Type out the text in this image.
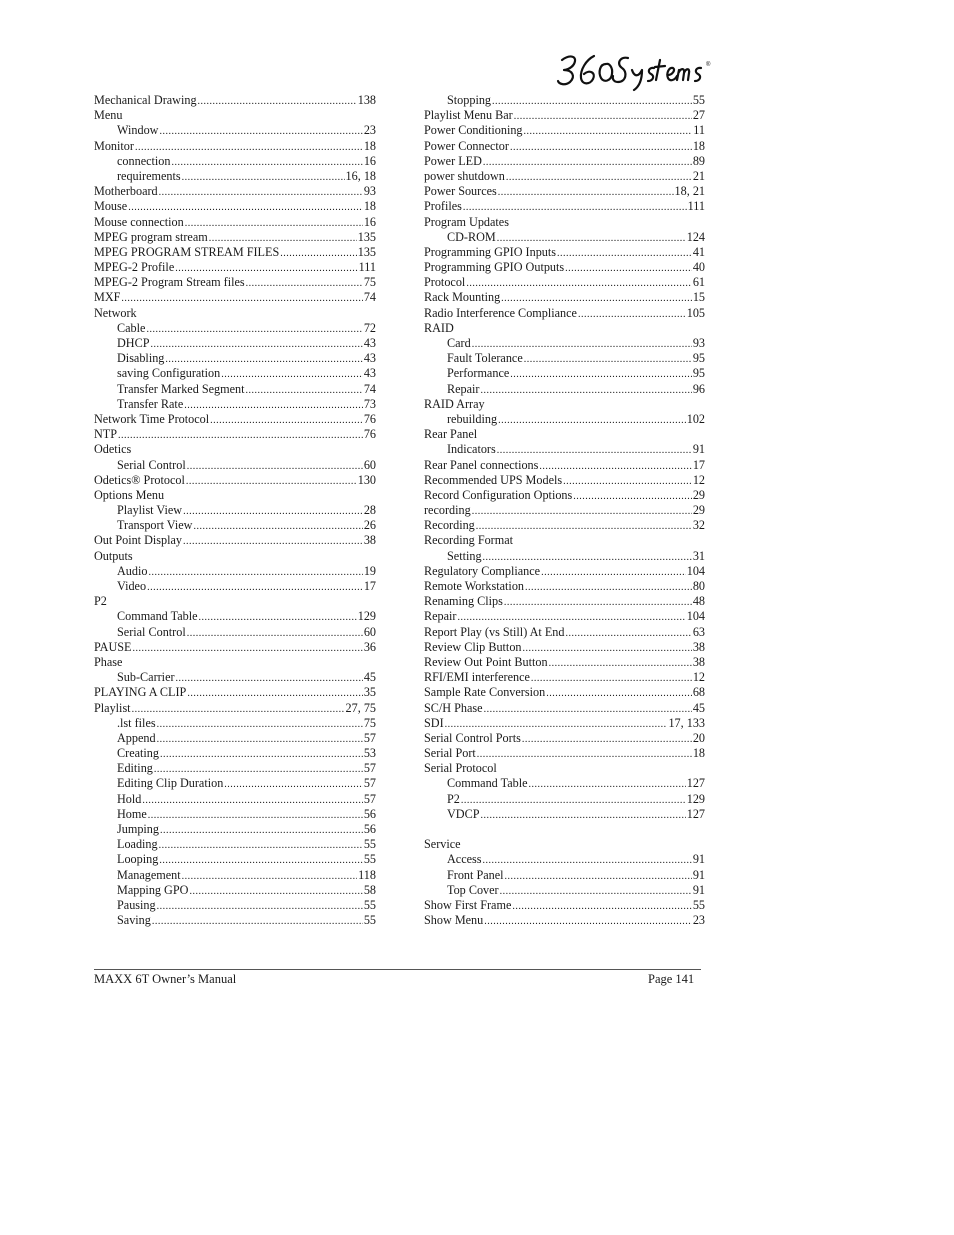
®
Mechanical Drawing .....	138
Menu
Window .....	23
Monitor .....	18
connection .....	16
requirements .....	16, 18
Motherboard .....	93
Mouse .....	18
Mouse connection .....	16
MPEG program stream .....	135
MPEG PROGRAM STREAM FILES .....	135
MPEG-2 Profile .....	111
MPEG-2 Program Stream files .....	75
MXF .....	74
Network
Cable .....	72
DHCP .....	43
Disabling .....	43
saving Configuration .....	43
Transfer Marked Segment .....	74
Transfer Rate .....	73
Network Time Protocol .....	76
NTP .....	76
Odetics
Serial Control .....	60
Odetics® Protocol .....	130
Options Menu
Playlist View .....	28
Transport View .....	26
Out Point Display .....	38
Outputs
Audio .....	19
Video .....	17
P2
Command Table .....	129
Serial Control .....	60
PAUSE .....	36
Phase
Sub-Carrier .....	45
PLAYING A CLIP .....	35
Playlist .....	27, 75
.lst files .....	75
Append .....	57
Creating .....	53
Editing .....	57
Editing Clip Duration .....	57
Hold .....	57
Home .....	56
Jumping .....	56
Loading .....	55
Looping .....	55
Management .....	118
Mapping GPO .....	58
Pausing .....	55
Saving .....	55
Stopping .....	55
Playlist Menu Bar .....	27
Power Conditioning .....	11
Power Connector .....	18
Power LED .....	89
power shutdown .....	21
Power Sources .....	18, 21
Profiles .....	111
Program Updates
CD-ROM .....	124
Programming GPIO Inputs .....	41
Programming GPIO Outputs .....	40
Protocol .....	61
Rack Mounting .....	15
Radio Interference Compliance .....	105
RAID
Card .....	93
Fault Tolerance .....	95
Performance .....	95
Repair .....	96
RAID Array
rebuilding .....	102
Rear Panel
Indicators .....	91
Rear Panel connections .....	17
Recommended UPS Models .....	12
Record Configuration Options .....	29
recording .....	29
Recording .....	32
Recording Format
Setting .....	31
Regulatory Compliance .....	104
Remote Workstation .....	80
Renaming Clips .....	48
Repair .....	104
Report Play (vs Still) At End .....	63
Review Clip Button .....	38
Review Out Point Button .....	38
RFI/EMI interference .....	12
Sample Rate Conversion .....	68
SC/H Phase .....	45
SDI .....	17, 133
Serial Control Ports .....	20
Serial Port .....	18
Serial Protocol
Command Table .....	127
P2 .....	129
VDCP .....	127
Service
Access .....	91
Front Panel .....	91
Top Cover .....	91
Show First Frame .....	55
Show Menu .....	23
MAXX 6T Owner’s Manual	Page 141
